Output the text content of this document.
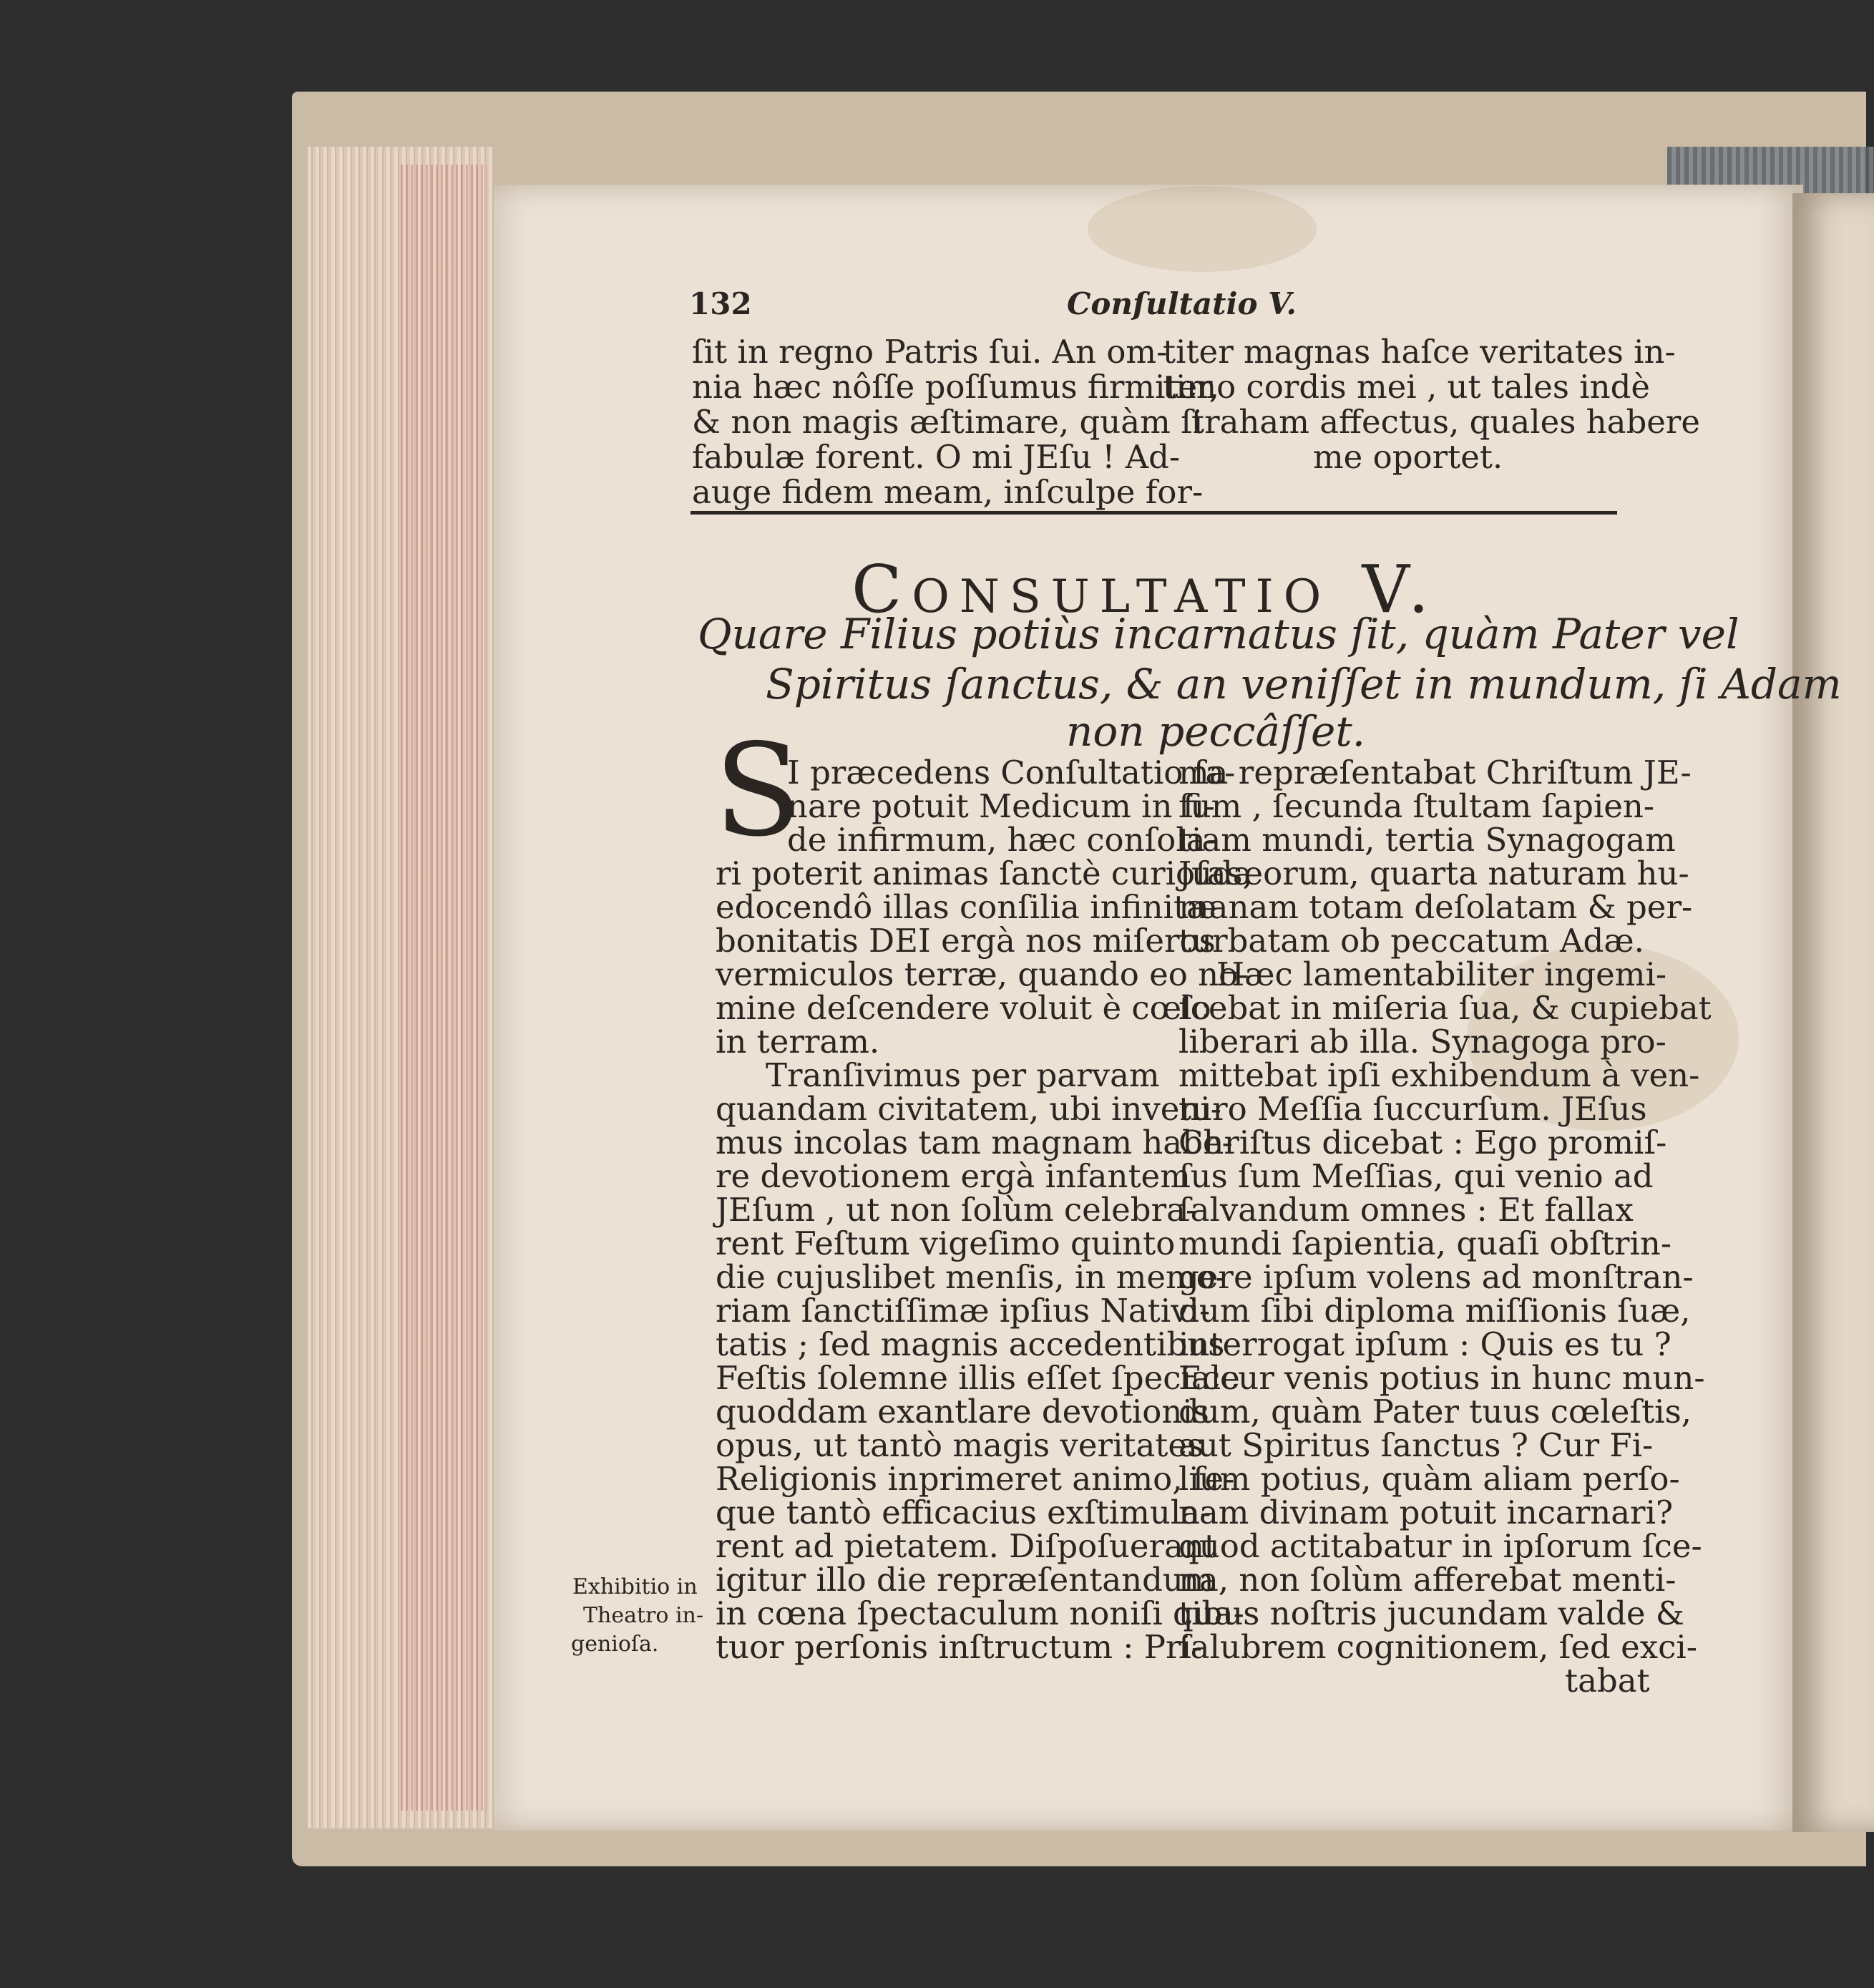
132	Conſultatio V.
ſit in regno Patris ſui. An om-
nia hæc nôſſe poſſumus firmiter,
& non magis æſtimare, quàm ſi
fabulæ forent. O mi JEſu ! Ad-
auge fidem meam, inſculpe for-
titer magnas haſce veritates in-
timo cordis mei , ut tales indè
traham affectus, quales habere
me oportet.
Consultatio V.
Quare Filius potiùs incarnatus ſit, quàm Pater vel
Spiritus ſanctus, & an veniſſet in mundum, ſi Adam
non peccâſſet.
S
I præcedens Conſultatio ſa-
nare potuit Medicum in fi-
de infirmum, hæc conſola-
ri poterit animas ſanctè curioſas,
edocendô illas conſilia infinitæ
bonitatis DEI ergà nos miſeros
vermiculos terræ, quando eo no-
mine deſcendere voluit è cœlo
in terram.
Tranſivimus per parvam
quandam civitatem, ubi inveni-
mus incolas tam magnam habe-
re devotionem ergà infantem
JEſum , ut non ſolùm celebra-
rent Feſtum vigeſimo quinto
die cujuslibet menſis, in memo-
riam ſanctiſſimæ ipſius Nativi-
tatis ; ſed magnis accedentibus
Feſtis ſolemne illis eſſet ſpeciale
quoddam exantlare devotionis
opus, ut tantò magis veritates
Religionis inprimeret animo, ſe-
que tantò efficacius exſtimula-
rent ad pietatem. Diſpoſuerant
igitur illo die repræſentandum
in cœna ſpectaculum noniſi qua-
tuor perſonis inſtructum : Pri-
ma repræſentabat Chriſtum JE-
ſum , ſecunda ſtultam ſapien-
tiam mundi, tertia Synagogam
Judæorum, quarta naturam hu-
manam totam deſolatam & per-
turbatam ob peccatum Adæ.
Hæc lamentabiliter ingemi-
ſcebat in miſeria ſua, & cupiebat
liberari ab illa. Synagoga pro-
mittebat ipſi exhibendum à ven-
turo Meſſia ſuccurſum. JEſus
Chriſtus dicebat : Ego promiſ-
ſus ſum Meſſias, qui venio ad
ſalvandum omnes : Et fallax
mundi ſapientia, quaſi obſtrin-
gere ipſum volens ad monſtran-
dum ſibi diploma miſſionis ſuæ,
interrogat ipſum : Quis es tu ?
Eccur venis potius in hunc mun-
dum, quàm Pater tuus cœleſtis,
aut Spiritus ſanctus ? Cur Fi-
lium potius, quàm aliam perſo-
nam divinam potuit incarnari?
quod actitabatur in ipſorum ſce-
na, non ſolùm afferebat menti-
tibus noſtris jucundam valde &
ſalubrem cognitionem, ſed exci-
tabat
Exhibitio in
Theatro in-
genioſa.
